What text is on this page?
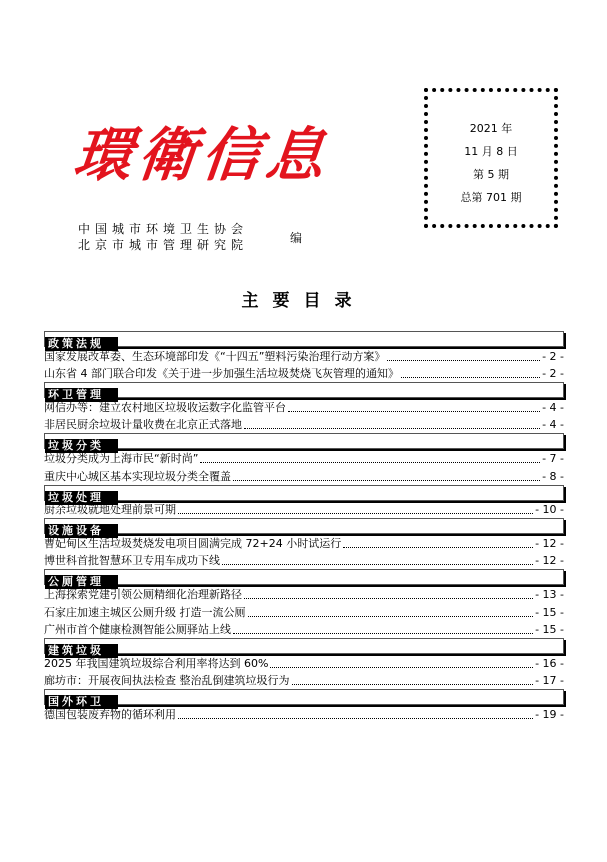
環衛信息	2021 年
11 月 8 日
第 5 期
总第 701 期
中国城市环境卫生协会
北京市城市管理研究院	编
主要目录
政策法规
国家发展改革委、生态环境部印发《“十四五”塑料污染治理行动方案》	- 2 -
山东省 4 部门联合印发《关于进一步加强生活垃圾焚烧飞灰管理的通知》	- 2 -
环卫管理
网信办等：建立农村地区垃圾收运数字化监管平台	- 4 -
非居民厨余垃圾计量收费在北京正式落地	- 4 -
垃圾分类
垃圾分类成为上海市民“新时尚”	- 7 -
重庆中心城区基本实现垃圾分类全覆盖	- 8 -
垃圾处理
厨余垃圾就地处理前景可期	- 10 -
设施设备
曹妃甸区生活垃圾焚烧发电项目圆满完成 72+24 小时试运行	- 12 -
博世科首批智慧环卫专用车成功下线	- 12 -
公厕管理
上海探索党建引领公厕精细化治理新路径	- 13 -
石家庄加速主城区公厕升级 打造一流公厕	- 15 -
广州市首个健康检测智能公厕驿站上线	- 15 -
建筑垃圾
2025 年我国建筑垃圾综合利用率将达到 60%	- 16 -
廊坊市：开展夜间执法检查 整治乱倒建筑垃圾行为	- 17 -
国外环卫
德国包装废弃物的循环利用	- 19 -
